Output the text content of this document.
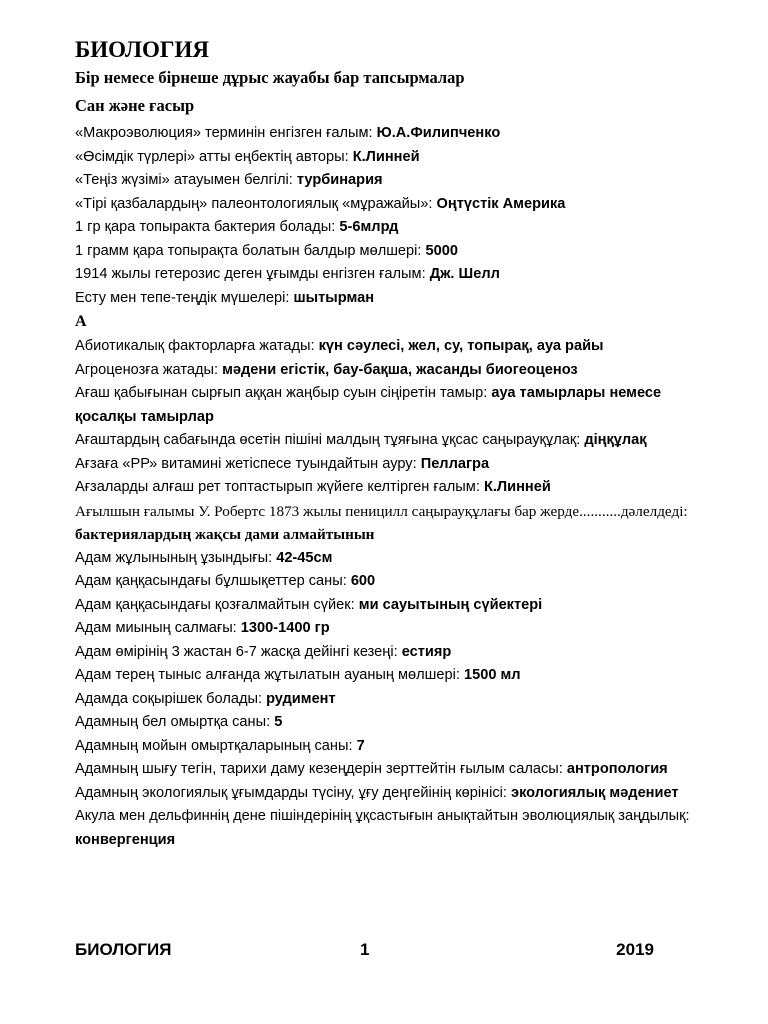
БИОЛОГИЯ
Бір немесе бірнеше дұрыс жауабы бар тапсырмалар
Сан және ғасыр
«Макроэволюция» терминін енгізген ғалым: Ю.А.Филипченко
«Өсімдік түрлері» атты еңбектің авторы: К.Линней
«Теңіз жүзімі» атауымен белгілі: турбинария
«Тірі қазбалардың» палеонтологиялық «мұражайы»: Оңтүстік Америка
1 гр қара топыракта бактерия болады: 5-6млрд
1 грамм қара топырақта болатын балдыр мөлшері: 5000
1914 жылы гетерозис деген ұғымды енгізген ғалым: Дж. Шелл
Есту мен тепе-теңдік мүшелері: шытырман
А
Абиотикалық факторларға жатады: күн сәулесі, жел, су, топырақ, ауа райы
Агроценозға жатады: мәдени егістік, бау-бақша, жасанды биогеоценоз
Ағаш қабығынан сырғып аққан жаңбыр суын сіңіретін тамыр: ауа тамырлары немесе қосалқы тамырлар
Ағаштардың сабағында өсетін пішіні малдың тұяғына ұқсас саңырауқұлақ: діңқұлақ
Ағзаға «РР» витамині жетіспесе туындайтын ауру: Пеллагра
Ағзаларды алғаш рет топтастырып жүйеге келтірген ғалым: К.Линней
Ағылшын ғалымы У. Робертс 1873 жылы пеницилл саңырауқұлағы бар жерде...........дәлелдеді: бактериялардың жақсы дами алмайтынын
Адам жұлынының ұзындығы: 42-45см
Адам қаңқасындағы бұлшықеттер саны: 600
Адам қаңқасындағы қозғалмайтын сүйек: ми сауытының сүйектері
Адам миының салмағы: 1300-1400 гр
Адам өмірінің 3 жастан 6-7 жасқа дейінгі кезеңі: естияр
Адам терең тыныс алғанда жұтылатын ауаның мөлшері: 1500 мл
Адамда соқырішек болады: рудимент
Адамның бел омыртқа саны: 5
Адамның мойын омыртқаларының саны: 7
Адамның шығу тегін, тарихи даму кезеңдерін зерттейтін ғылым саласы: антропология
Адамның экологиялық ұғымдарды түсіну, ұғу деңгейінің көрінісі: экологиялық мәдениет
Акула мен дельфиннің дене пішіндерінің ұқсастығын анықтайтын эволюциялық заңдылық: конвергенция
БИОЛОГИЯ	1	2019
